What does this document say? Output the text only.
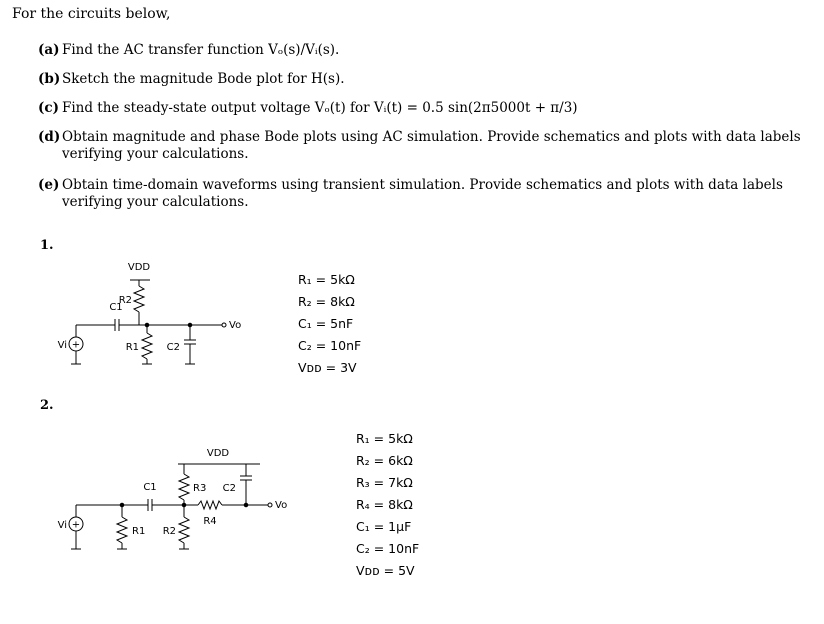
For the circuits below,
(a) Find the AC transfer function Vₒ(s)/Vᵢ(s).
(b) Sketch the magnitude Bode plot for H(s).
(c) Find the steady-state output voltage Vₒ(t) for Vᵢ(t) = 0.5 sin(2π5000t + π/3)
(d) Obtain magnitude and phase Bode plots using AC simulation. Provide schematics and plots with data labels verifying your calculations.
(e) Obtain time-domain waveforms using transient simulation. Provide schematics and plots with data labels verifying your calculations.
1.
2.
+
VDD
C1
R2
Vo
Vi	R1	C2
R₁ = 5kΩ
R₂ = 8kΩ
C₁ = 5nF
C₂ = 10nF
Vᴅᴅ = 3V
+
VDD
C1	R3 C2
R4
Vo
Vi
R1 R2
R₁ = 5kΩ
R₂ = 6kΩ
R₃ = 7kΩ
R₄ = 8kΩ
C₁ = 1μF
C₂ = 10nF
Vᴅᴅ = 5V
